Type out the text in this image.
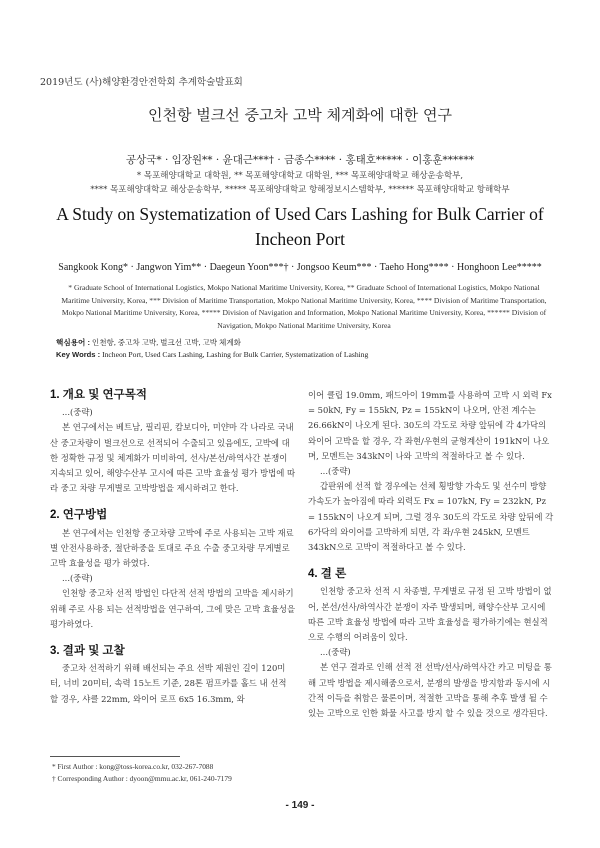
2019년도 (사)해양환경안전학회 추계학술발표회
인천항 벌크선 중고차 고박 체계화에 대한 연구
공상국* · 임장원** · 윤대근***† · 금종수**** · 홍태호***** · 이홍훈******
* 목포해양대학교 대학원, ** 목포해양대학교 대학원, *** 목포해양대학교 해상운송학부,
**** 목포해양대학교 해상운송학부, ***** 목포해양대학교 항해정보시스템학부, ****** 목포해양대학교 항해학부
A Study on Systematization of Used Cars Lashing for Bulk Carrier of
Incheon Port
Sangkook Kong* · Jangwon Yim** · Daegeun Yoon***† · Jongsoo Keum*** · Taeho Hong**** · Honghoon Lee*****
* Graduate School of International Logistics, Mokpo National Maritime University, Korea, ** Graduate School of International Logistics, Mokpo National Maritime University, Korea, *** Division of Maritime Transportation, Mokpo National Maritime University, Korea, **** Division of Maritime Transportation, Mokpo National Maritime University, Korea, ***** Division of Navigation and Information, Mokpo National Maritime University, Korea, ****** Division of Navigation, Mokpo National Maritime University, Korea
핵심용어 : 인천항, 중고차 고박, 벌크선 고박, 고박 체계화
Key Words : Incheon Port, Used Cars Lashing, Lashing for Bulk Carrier, Systematization of Lashing
1. 개요 및 연구목적

...(중략)

본 연구에서는 베트남, 필리핀, 캄보디아, 미얀마 각 나라로 국내산 중고차량이 벌크선으로 선적되어 수출되고 있음에도, 고박에 대한 정확한 규정 및 체계화가 미비하여, 선사/본선/하역사간 분쟁이 지속되고 있어, 해양수산부 고시에 따른 고박 효율성 평가 방법에 따라 중고 차량 무게별로 고박방법을 제시하려고 한다.

2. 연구방법

본 연구에서는 인천항 중고차량 고박에 주로 사용되는 고박 재료별 안전사용하중, 절단하중을 토대로 주요 수출 중고차량 무게별로 고박 효율성을 평가 하였다.

...(중략)

인천항 중고차 선적 방법인 다단적 선적 방법의 고박을 제시하기 위해 주로 사용 되는 선적방법을 연구하여, 그에 맞은 고박 효율성을 평가하였다.

3. 결과 및 고찰

중고차 선적하기 위해 배선되는 주요 선박 제원인 길이 120미터, 너비 20미터, 속력 15노트 기준, 28톤 펌프카를 홀드 내 선적 할 경우, 샤클 22mm, 와이어 로프 6x5 16.3mm, 와

이어 클립 19.0mm, 패드아이 19mm를 사용하여 고박 시 외력 Fx = 50kN, Fy = 155kN, Pz = 155kN이 나오며, 안전 계수는 26.66kN이 나오게 된다. 30도의 각도로 차량 앞뒤에 각 4가닥의 와이어 고박을 할 경우, 각 좌현/우현의 균형계산이 191kN이 나오며, 모멘트는 343kN이 나와 고박의 적절하다고 볼 수 있다.

...(중략)

갑판위에 선적 할 경우에는 선체 횡방향 가속도 및 선수미 방향 가속도가 높아짐에 따라 외력도 Fx = 107kN, Fy = 232kN, Pz = 155kN이 나오게 되며, 그럴 경우 30도의 각도로 차량 앞뒤에 각 6가닥의 와이어를 고박하게 되면, 각 좌/우현 245kN, 모멘트 343kN으로 고박이 적절하다고 볼 수 있다.

4. 결 론

인천항 중고차 선적 시 차종별, 무게별로 규정 된 고박 방법이 없어, 본선/선사/하역사간 분쟁이 자주 발생되며, 해양수산부 고시에 따른 고박 효율성 방법에 따라 고박 효율성을 평가하기에는 현실적으로 수행의 어려움이 있다.

...(중략)

본 연구 결과로 인해 선적 전 선박/선사/하역사간 카고 미팅을 통해 고박 방법을 제시해줌으로서, 분쟁의 발생을 방지함과 동시에 시간적 이득을 취함은 물론이며, 적절한 고박을 통해 추후 발생 될 수 있는 고박으로 인한 화물 사고를 방지 할 수 있을 것으로 생각된다.

* First Author : kong@toss-korea.co.kr, 032-267-7088
† Corresponding Author : dyoon@mmu.ac.kr, 061-240-7179
- 149 -
